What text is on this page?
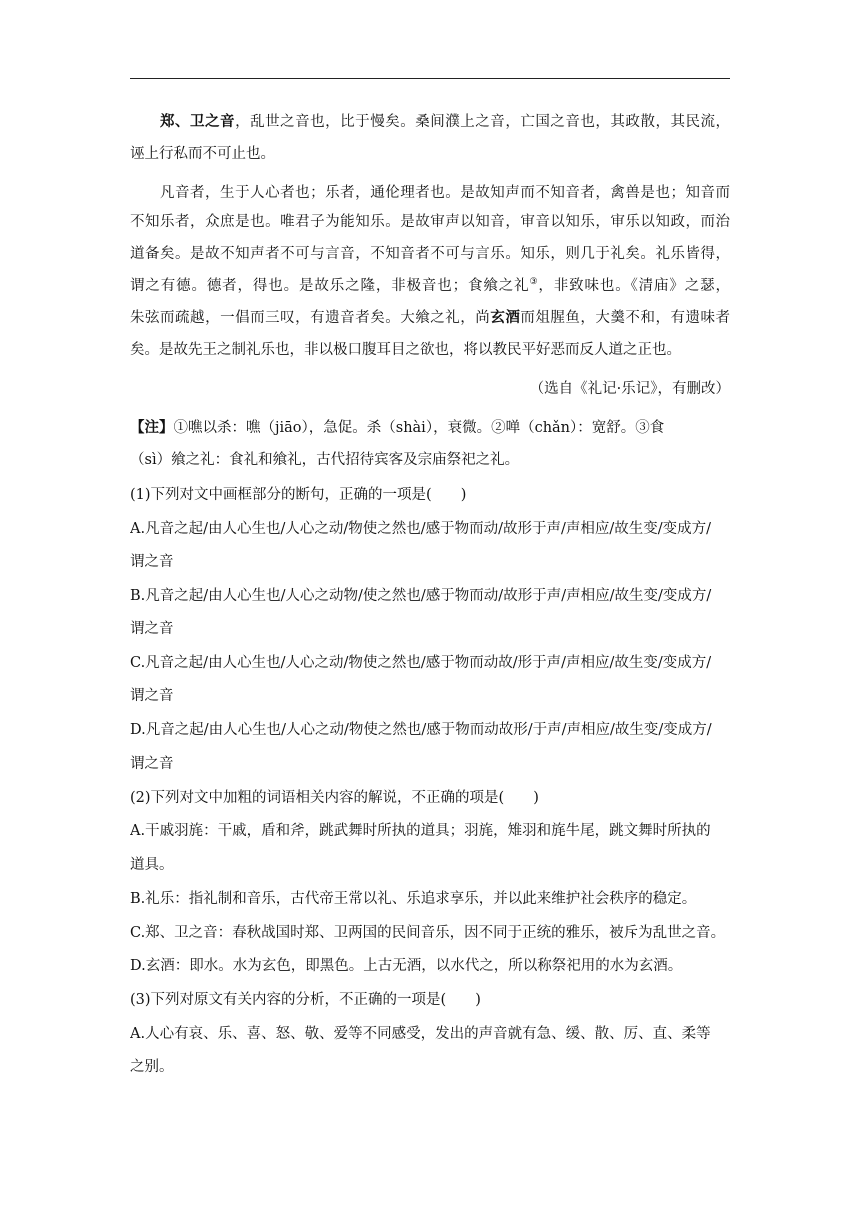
郑、卫之音，乱世之音也，比于慢矣。桑间濮上之音，亡国之音也，其政散，其民流，
诬上行私而不可止也。
凡音者，生于人心者也；乐者，通伦理者也。是故知声而不知音者，禽兽是也；知音而
不知乐者，众庶是也。唯君子为能知乐。是故审声以知音，审音以知乐，审乐以知政，而治
道备矣。是故不知声者不可与言音，不知音者不可与言乐。知乐，则几于礼矣。礼乐皆得，
谓之有德。德者，得也。是故乐之隆，非极音也；食飨之礼③，非致味也。《清庙》之瑟，
朱弦而疏越，一倡而三叹，有遗音者矣。大飨之礼，尚玄酒而俎腥鱼，大羹不和，有遗味者
矣。是故先王之制礼乐也，非以极口腹耳目之欲也，将以教民平好恶而反人道之正也。
（选自《礼记·乐记》，有删改）
【注】①噍以杀：噍（jiāo），急促。杀（shài），衰微。②啴（chǎn）：宽舒。③食
（sì）飨之礼：食礼和飨礼，古代招待宾客及宗庙祭祀之礼。
(1)下列对文中画框部分的断句，正确的一项是(　　)
A.凡音之起/由人心生也/人心之动/物使之然也/感于物而动/故形于声/声相应/故生变/变成方/
谓之音
B.凡音之起/由人心生也/人心之动物/使之然也/感于物而动/故形于声/声相应/故生变/变成方/
谓之音
C.凡音之起/由人心生也/人心之动/物使之然也/感于物而动故/形于声/声相应/故生变/变成方/
谓之音
D.凡音之起/由人心生也/人心之动/物使之然也/感于物而动故形/于声/声相应/故生变/变成方/
谓之音
(2)下列对文中加粗的词语相关内容的解说，不正确的项是(　　)
A.干戚羽旄：干戚，盾和斧，跳武舞时所执的道具；羽旄，雉羽和旄牛尾，跳文舞时所执的
道具。
B.礼乐：指礼制和音乐，古代帝王常以礼、乐追求享乐，并以此来维护社会秩序的稳定。
C.郑、卫之音：春秋战国时郑、卫两国的民间音乐，因不同于正统的雅乐，被斥为乱世之音。
D.玄酒：即水。水为玄色，即黑色。上古无酒，以水代之，所以称祭祀用的水为玄酒。
(3)下列对原文有关内容的分析，不正确的一项是(　　)
A.人心有哀、乐、喜、怒、敬、爱等不同感受，发出的声音就有急、缓、散、厉、直、柔等
之别。
